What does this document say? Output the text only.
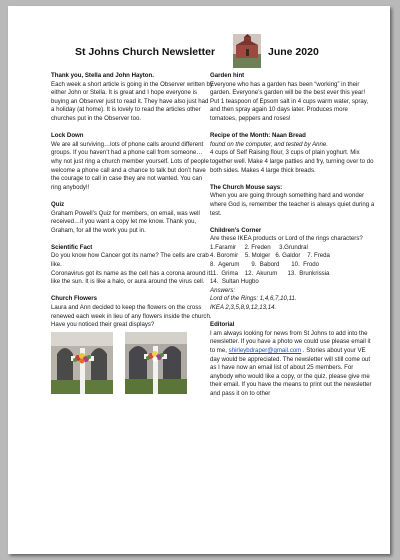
St Johns Church Newsletter	June 2020
Thank you, Stella and John Hayton.

Each week a short article is going in the Observer written by either John or Stella. It is great and I hope everyone is buying an Observer just to read it. They have also just had a holiday (at home). It is lovely to read the articles other churches put in the Observer too.

Lock Down

We are all surviving…lots of phone calls around different groups. If you haven’t had a phone call from someone…why not just ring a church member yourself. Lots of people welcome a phone call and a chance to talk but don’t have the courage to call in case they are not wanted. You can ring anybody!!

Quiz

Graham Powell’s Quiz for members, on email, was well received…if you want a copy let me know. Thank you, Graham, for all the work you put in.

Scientific Fact

Do you know how Cancer got its name? The cells are crab like.

Coronavirus got its name as the cell has a corona around it like the sun. It is like a halo, or aura around the virus cell.

Church Flowers

Laura and Ann decided to keep the flowers on the cross renewed each week in lieu of any flowers inside the church. Have you noticed their great displays?

Garden hint

Everyone who has a garden has been “working” in their garden. Everyone’s garden will be the best ever this year!

Put 1 teaspoon of Epsom salt in 4 cups warm water, spray, and then spray again 10 days later. Produces more tomatoes, peppers and roses!

Recipe of the Month: Naan Bread

found on the computer, and tested by Anne.

4 cups of Self Raising flour, 3 cups of plain yoghurt. Mix together well. Make 4 large patties and fry, turning over to do both sides. Makes 4 large thick breads.

The Church Mouse says:

When you are going through something hard and wonder where God is, remember the teacher is always quiet during a test.

Children’s Corner

Are these IKEA products or Lord of the rings characters?

1.Faramir     2. Freden     3.Grundral

4. Boromir    5. Molger   6. Galdor    7. Freda

8.  Agerum       9.  Babord       10.  Frodo

11.  Grima    12.  Akurum      13.  Brunkrissia

14.  Sultan Hugbo

Answers:

Lord of the Rings: 1,4,6,7,10,11.

IKEA 2,3,5,8,9,12,13,14.

Editorial

I am always looking for news from St Johns to add into the newsletter. If you have a photo we could use please email it to me, shirleybdraper@gmail.com . Stories about your VE day would be appreciated. The newsletter will still come out as I have now an email list of about 25 members. For anybody who would like a copy, or the quiz, please give me their email. If you have the means to print out the newsletter and pass it on to other
